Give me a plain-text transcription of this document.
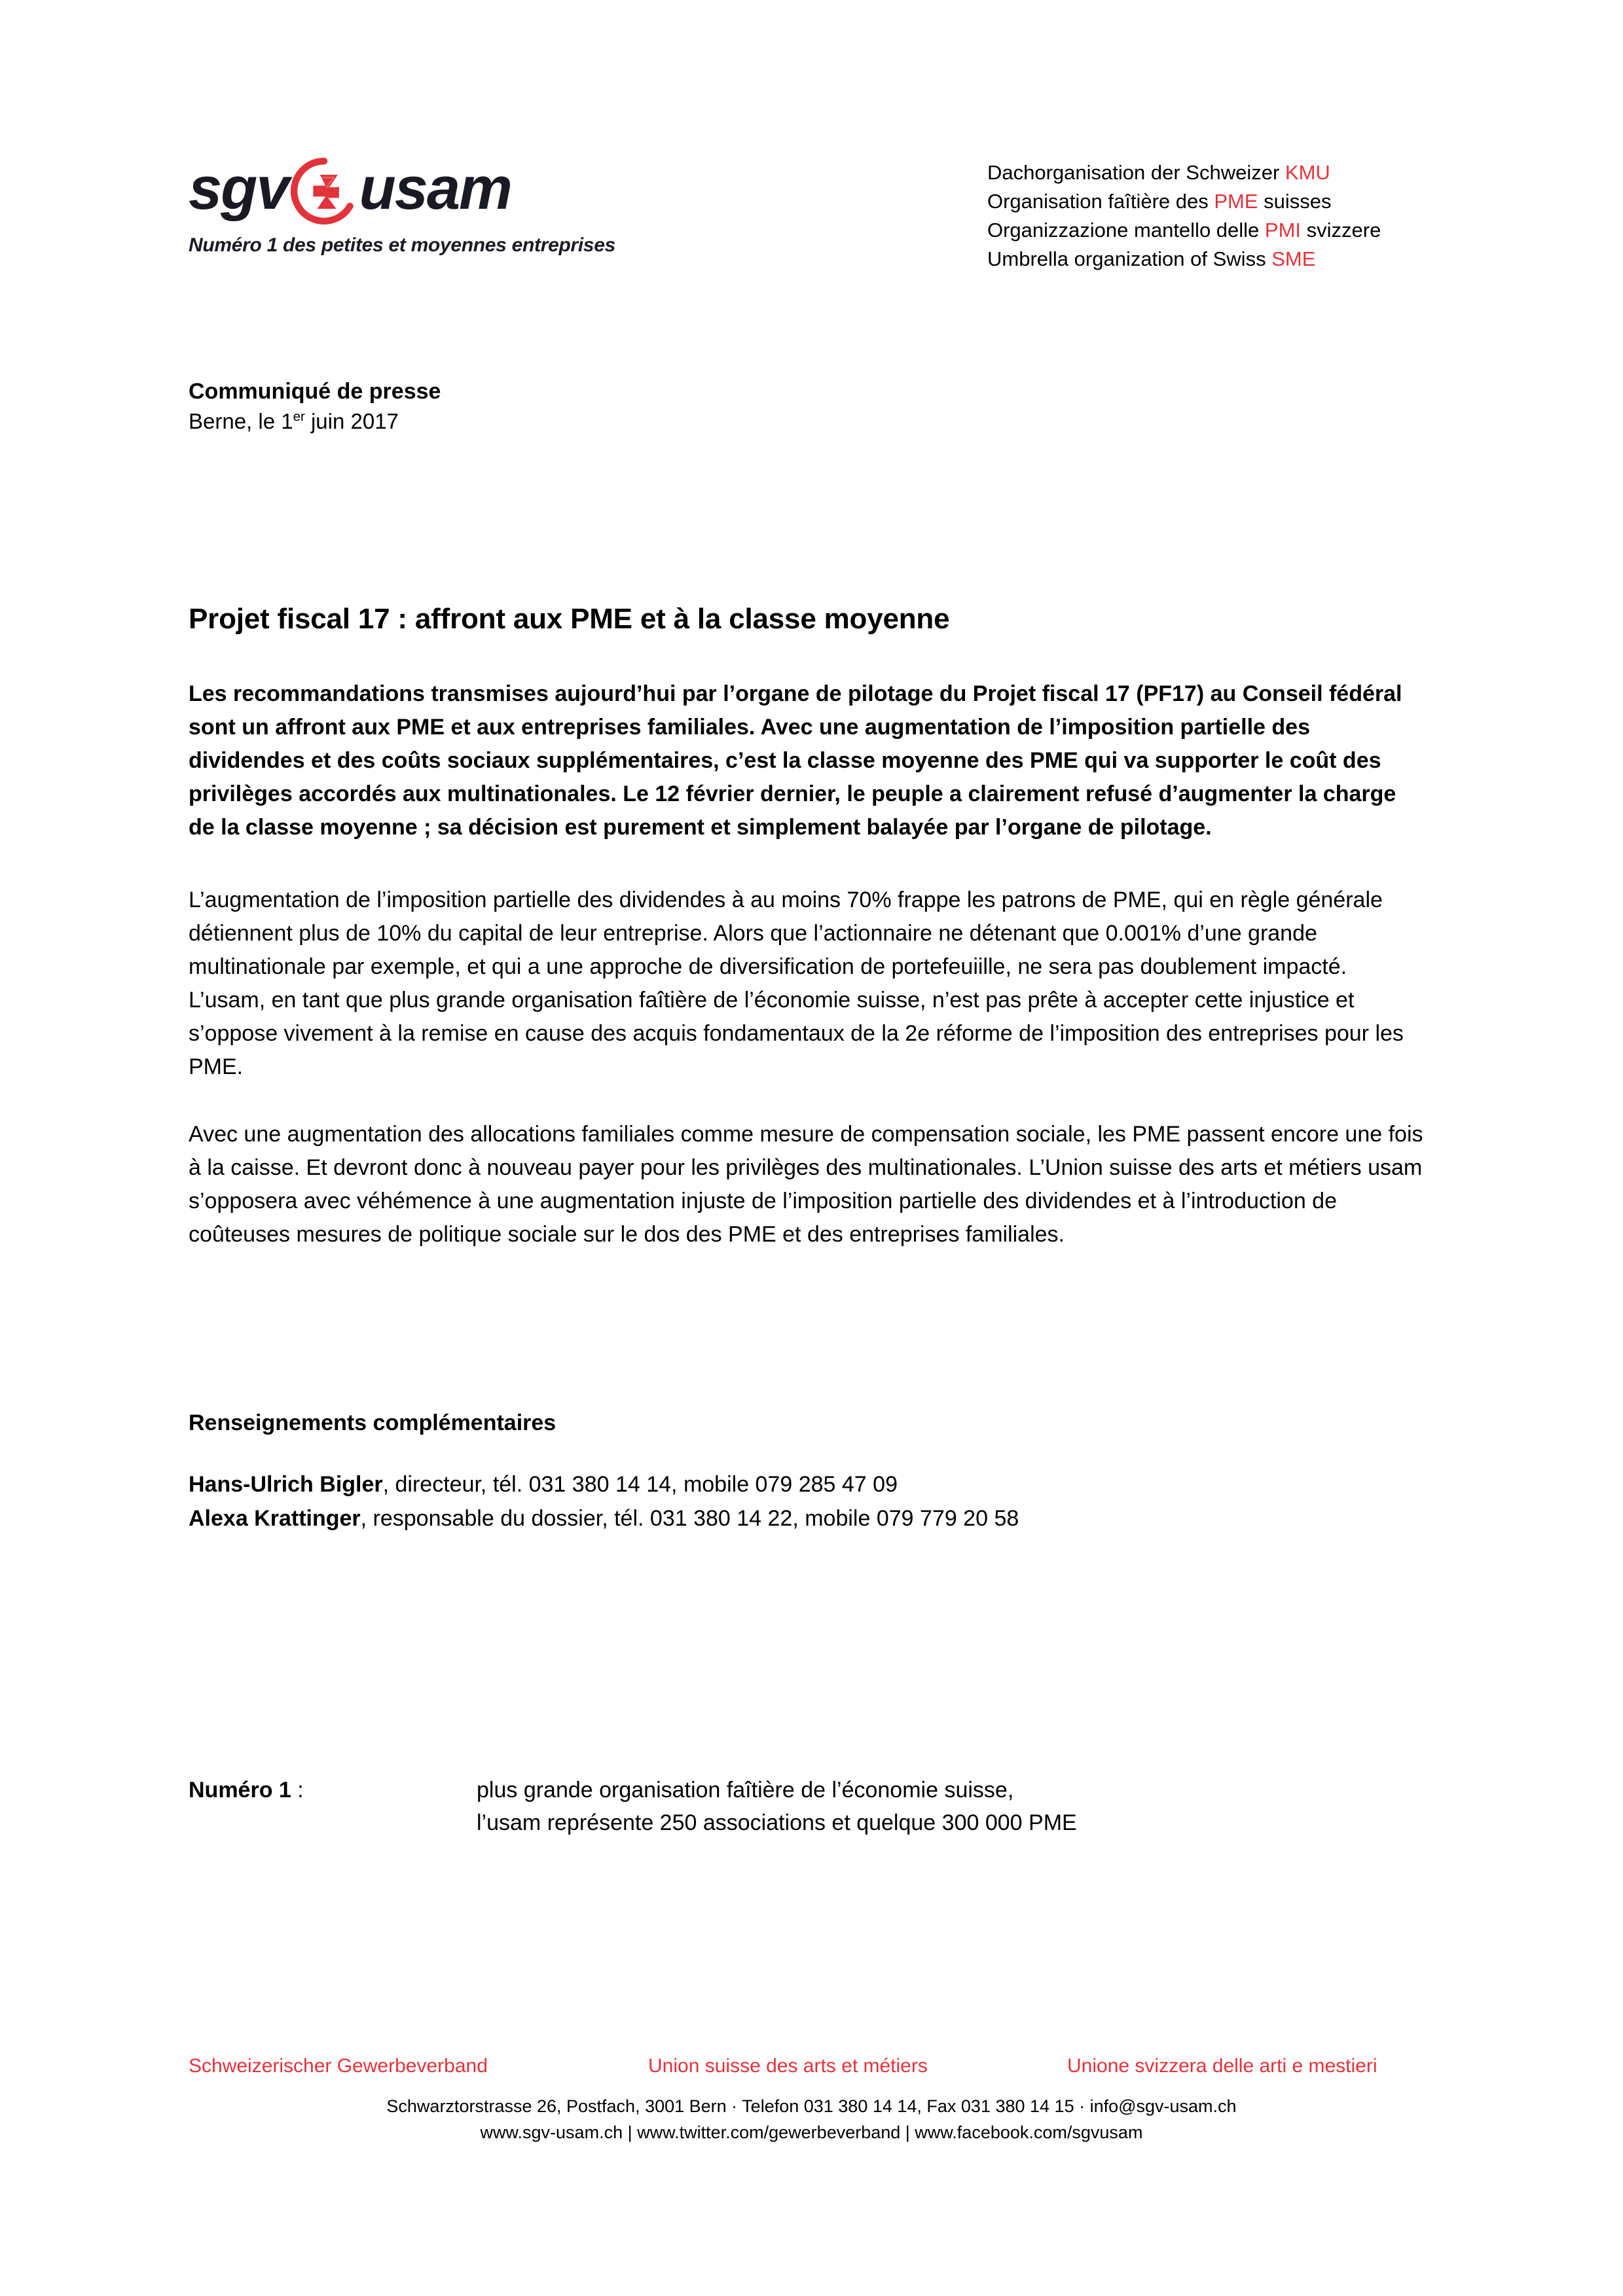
sgv usam
Numéro 1 des petites et moyennes entreprises
Dachorganisation der Schweizer KMU
Organisation faîtière des PME suisses
Organizzazione mantello delle PMI svizzere
Umbrella organization of Swiss SME
Communiqué de presse
Berne, le 1er juin 2017
Projet fiscal 17 : affront aux PME et à la classe moyenne

Les recommandations transmises aujourd’hui par l’organe de pilotage du Projet fiscal 17 (PF17) au Conseil fédéral sont un affront aux PME et aux entreprises familiales. Avec une augmentation de l’imposition partielle des dividendes et des coûts sociaux supplémentaires, c’est la classe moyenne des PME qui va supporter le coût des privilèges accordés aux multinationales. Le 12 février dernier, le peuple a clairement refusé d’augmenter la charge de la classe moyenne ; sa décision est purement et simplement balayée par l’organe de pilotage.

L’augmentation de l’imposition partielle des dividendes à au moins 70% frappe les patrons de PME, qui en règle générale détiennent plus de 10% du capital de leur entreprise. Alors que l’actionnaire ne détenant que 0.001% d’une grande multinationale par exemple, et qui a une approche de diversification de portefeuiille, ne sera pas doublement impacté. L’usam, en tant que plus grande organisation faîtière de l’économie suisse, n’est pas prête à accepter cette injustice et s’oppose vivement à la remise en cause des acquis fondamentaux de la 2e réforme de l’imposition des entreprises pour les PME.

Avec une augmentation des allocations familiales comme mesure de compensation sociale, les PME passent encore une fois à la caisse. Et devront donc à nouveau payer pour les privilèges des multinationales. L’Union suisse des arts et métiers usam s’opposera avec véhémence à une augmentation injuste de l’imposition partielle des dividendes et à l’introduction de coûteuses mesures de politique sociale sur le dos des PME et des entreprises familiales.

Renseignements complémentaires
Hans-Ulrich Bigler, directeur, tél. 031 380 14 14, mobile 079 285 47 09
Alexa Krattinger, responsable du dossier, tél. 031 380 14 22, mobile 079 779 20 58
Numéro 1 :	plus grande organisation faîtière de l’économie suisse,
l’usam représente 250 associations et quelque 300 000 PME
Schweizerischer Gewerbeverband	Union suisse des arts et métiers	Unione svizzera delle arti e mestieri
Schwarztorstrasse 26, Postfach, 3001 Bern · Telefon 031 380 14 14, Fax 031 380 14 15 · info@sgv-usam.ch
www.sgv-usam.ch | www.twitter.com/gewerbeverband | www.facebook.com/sgvusam
